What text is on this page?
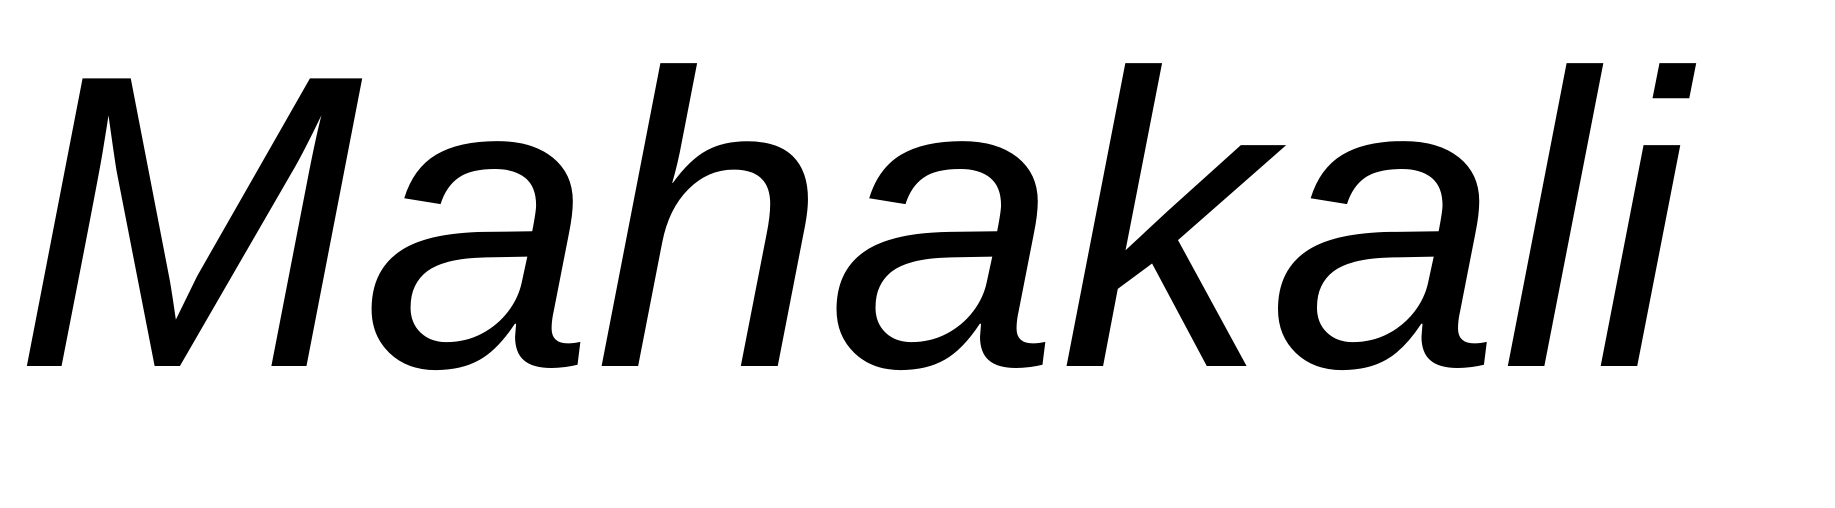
Mahakali
